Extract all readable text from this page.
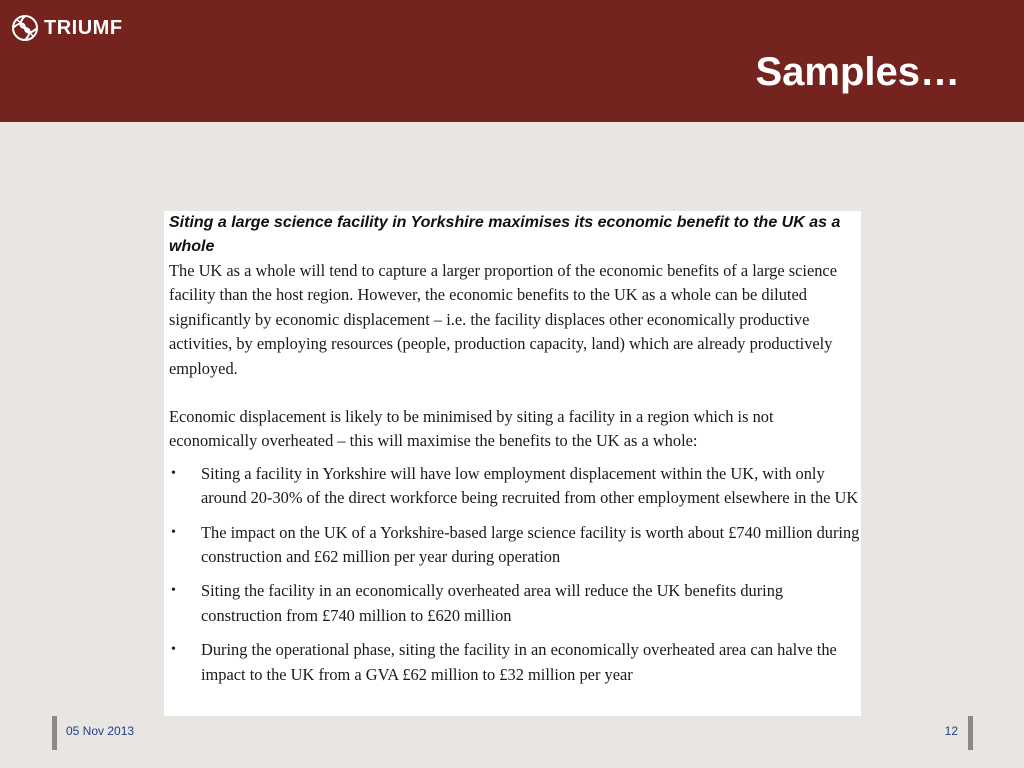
TRIUMF
Samples…

Siting a large science facility in Yorkshire maximises its economic benefit to the UK as a whole

The UK as a whole will tend to capture a larger proportion of the economic benefits of a large science facility than the host region. However, the economic benefits to the UK as a whole can be diluted significantly by economic displacement – i.e. the facility displaces other economically productive activities, by employing resources (people, production capacity, land) which are already productively employed.

Economic displacement is likely to be minimised by siting a facility in a region which is not economically overheated – this will maximise the benefits to the UK as a whole:

• Siting a facility in Yorkshire will have low employment displacement within the UK, with only around 20-30% of the direct workforce being recruited from other employment elsewhere in the UK
• The impact on the UK of a Yorkshire-based large science facility is worth about £740 million during construction and £62 million per year during operation
• Siting the facility in an economically overheated area will reduce the UK benefits during construction from £740 million to £620 million
• During the operational phase, siting the facility in an economically overheated area can halve the impact to the UK from a GVA £62 million to £32 million per year
05 Nov 2013	12
